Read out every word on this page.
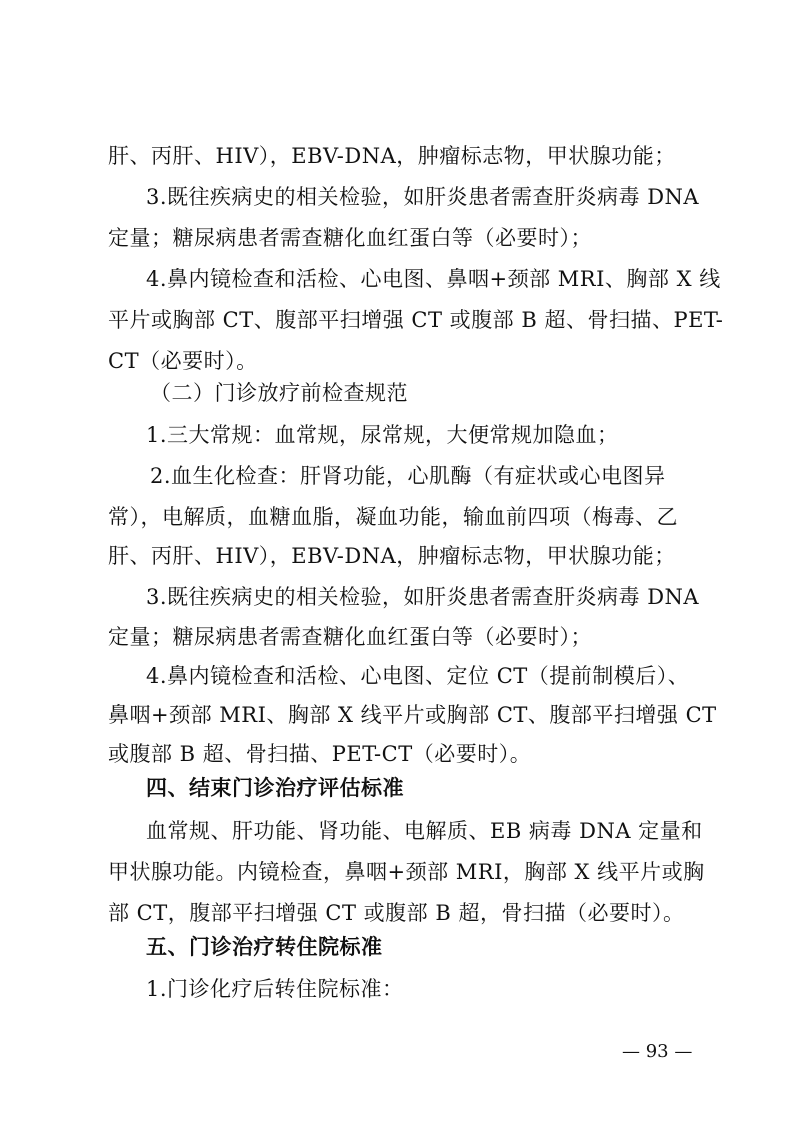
肝、丙肝、HIV），EBV-DNA，肿瘤标志物，甲状腺功能；
3.既往疾病史的相关检验，如肝炎患者需查肝炎病毒 DNA
定量；糖尿病患者需查糖化血红蛋白等（必要时）；
4.鼻内镜检查和活检、心电图、鼻咽+颈部 MRI、胸部 X 线
平片或胸部 CT、腹部平扫增强 CT 或腹部 B 超、骨扫描、PET-
CT（必要时）。
（二）门诊放疗前检查规范
1.三大常规：血常规，尿常规，大便常规加隐血；
2.血生化检查：肝肾功能，心肌酶（有症状或心电图异
常），电解质，血糖血脂，凝血功能，输血前四项（梅毒、乙
肝、丙肝、HIV），EBV-DNA，肿瘤标志物，甲状腺功能；
3.既往疾病史的相关检验，如肝炎患者需查肝炎病毒 DNA
定量；糖尿病患者需查糖化血红蛋白等（必要时）；
4.鼻内镜检查和活检、心电图、定位 CT（提前制模后）、
鼻咽+颈部 MRI、胸部 X 线平片或胸部 CT、腹部平扫增强 CT
或腹部 B 超、骨扫描、PET-CT（必要时）。
四、结束门诊治疗评估标准
血常规、肝功能、肾功能、电解质、EB 病毒 DNA 定量和
甲状腺功能。内镜检查，鼻咽+颈部 MRI，胸部 X 线平片或胸
部 CT，腹部平扫增强 CT 或腹部 B 超，骨扫描（必要时）。
五、门诊治疗转住院标准
1.门诊化疗后转住院标准：
— 93 —
